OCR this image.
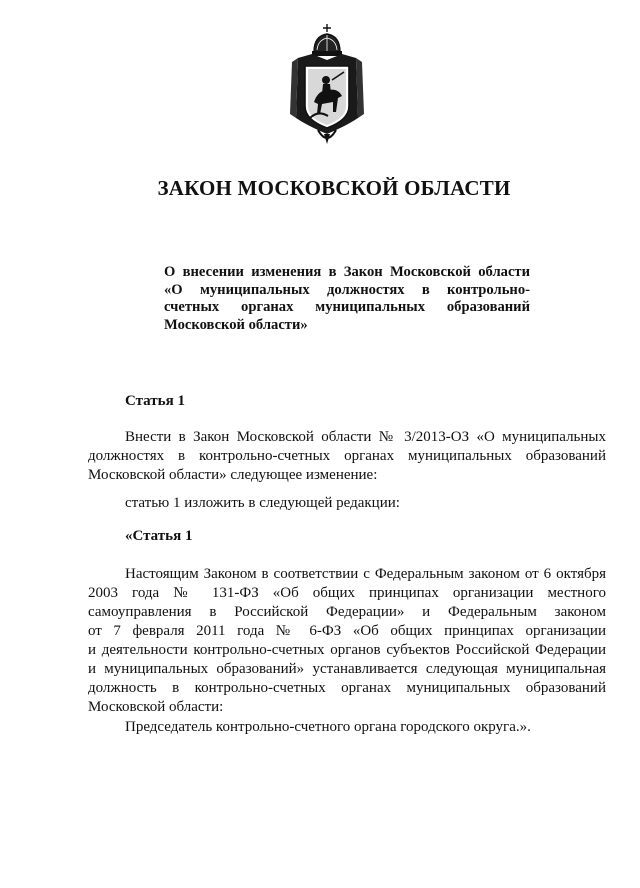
ЗАКОН МОСКОВСКОЙ ОБЛАСТИ
О внесении изменения в Закон Московской области
«О муниципальных должностях в контрольно-
счетных органах муниципальных образований
Московской области»

Статья 1

Внести в Закон Московской области № 3/2013-ОЗ «О муниципальных
должностях в контрольно-счетных органах муниципальных образований
Московской области» следующее изменение:

статью 1 изложить в следующей редакции:

«Статья 1

Настоящим Законом в соответствии с Федеральным законом от 6 октября
2003 года № 131-ФЗ «Об общих принципах организации местного
самоуправления в Российской Федерации» и Федеральным законом
от 7 февраля 2011 года № 6-ФЗ «Об общих принципах организации
и деятельности контрольно-счетных органов субъектов Российской Федерации
и муниципальных образований» устанавливается следующая муниципальная
должность в контрольно-счетных органах муниципальных образований
Московской области:

Председатель контрольно-счетного органа городского округа.».
